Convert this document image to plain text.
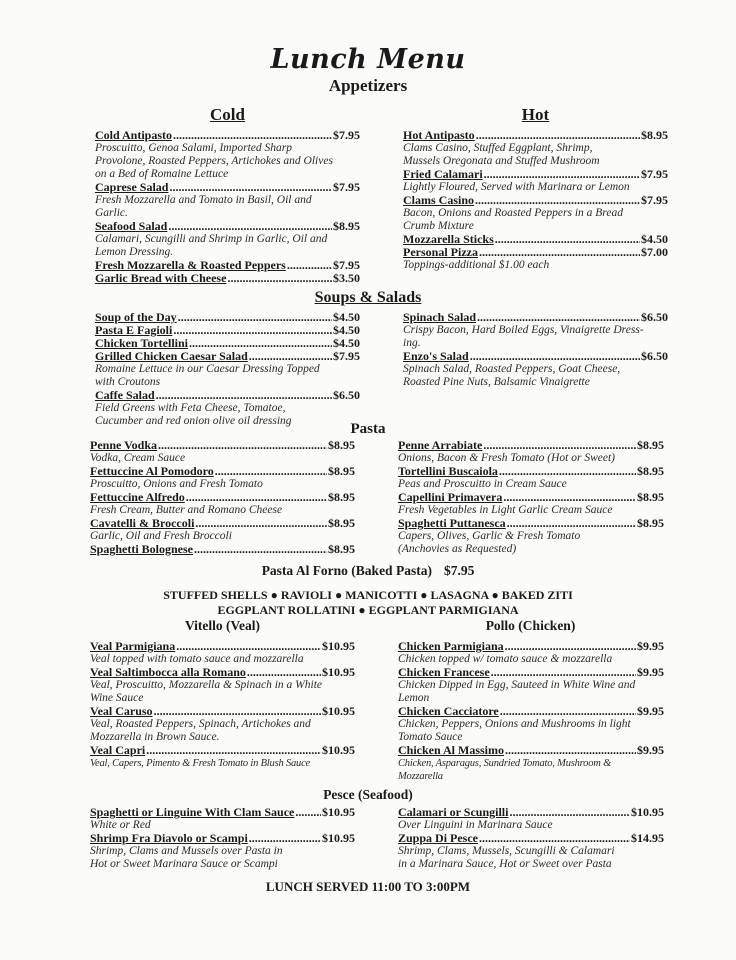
Lunch Menu
Appetizers
Cold	Hot
Cold Antipasto .....	$7.95
Proscuitto, Genoa Salami, Imported Sharp
Provolone, Roasted Peppers, Artichokes and Olives
on a Bed of Romaine Lettuce
Caprese Salad .....	$7.95
Fresh Mozzarella and Tomato in Basil, Oil and
Garlic.
Seafood Salad .....	$8.95
Calamari, Scungilli and Shrimp in Garlic, Oil and
Lemon Dressing.
Fresh Mozzarella & Roasted Peppers .....	$7.95
Garlic Bread with Cheese .....	$3.50
Hot Antipasto .....	$8.95
Clams Casino, Stuffed Eggplant, Shrimp,
Mussels Oregonata and Stuffed Mushroom
Fried Calamari .....	$7.95
Lightly Floured, Served with Marinara or Lemon
Clams Casino .....	$7.95
Bacon, Onions and Roasted Peppers in a Bread
Crumb Mixture
Mozzarella Sticks .....	$4.50
Personal Pizza .....	$7.00
Toppings-additional $1.00 each
Soups & Salads
Soup of the Day .....	$4.50
Pasta E Fagioli .....	$4.50
Chicken Tortellini .....	$4.50
Grilled Chicken Caesar Salad .....	$7.95
Romaine Lettuce in our Caesar Dressing Topped
with Croutons
Caffe Salad .....	$6.50
Field Greens with Feta Cheese, Tomatoe,
Cucumber and red onion olive oil dressing
Spinach Salad .....	$6.50
Crispy Bacon, Hard Boiled Eggs, Vinaigrette Dress-
ing.
Enzo's Salad .....	$6.50
Spinach Salad, Roasted Peppers, Goat Cheese,
Roasted Pine Nuts, Balsamic Vinaigrette
Pasta
Penne Vodka .....	$8.95
Vodka, Cream Sauce
Fettuccine Al Pomodoro .....	$8.95
Proscuitto, Onions and Fresh Tomato
Fettuccine Alfredo .....	$8.95
Fresh Cream, Butter and Romano Cheese
Cavatelli & Broccoli .....	$8.95
Garlic, Oil and Fresh Broccoli
Spaghetti Bolognese .....	$8.95
Penne Arrabiate .....	$8.95
Onions, Bacon & Fresh Tomato (Hot or Sweet)
Tortellini Buscaiola .....	$8.95
Peas and Proscuitto in Cream Sauce
Capellini Primavera .....	$8.95
Fresh Vegetables in Light Garlic Cream Sauce
Spaghetti Puttanesca .....	$8.95
Capers, Olives, Garlic & Fresh Tomato
(Anchovies as Requested)
Pasta Al Forno (Baked Pasta) $7.95
STUFFED SHELLS ● RAVIOLI ● MANICOTTI ● LASAGNA ● BAKED ZITI
EGGPLANT ROLLATINI ● EGGPLANT PARMIGIANA
Vitello (Veal)	Pollo (Chicken)
Veal Parmigiana .....	$10.95
Veal topped with tomato sauce and mozzarella
Veal Saltimbocca alla Romano .....	$10.95
Veal, Proscuitto, Mozzarella & Spinach in a White
Wine Sauce
Veal Caruso .....	$10.95
Veal, Roasted Peppers, Spinach, Artichokes and
Mozzarella in Brown Sauce.
Veal Capri .....	$10.95
Veal, Capers, Pimento & Fresh Tomato in Blush Sauce
Chicken Parmigiana .....	$9.95
Chicken topped w/ tomato sauce & mozzarella
Chicken Francese .....	$9.95
Chicken Dipped in Egg, Sauteed in White Wine and
Lemon
Chicken Cacciatore .....	$9.95
Chicken, Peppers, Onions and Mushrooms in light
Tomato Sauce
Chicken Al Massimo .....	$9.95
Chicken, Asparagus, Sundried Tomato, Mushroom &
Mozzarella
Pesce (Seafood)
Spaghetti or Linguine With Clam Sauce ..... $10.95
White or Red
Shrimp Fra Diavolo or Scampi .....	$10.95
Shrimp, Clams and Mussels over Pasta in
Hot or Sweet Marinara Sauce or Scampi
Calamari or Scungilli .....	$10.95
Over Linguini in Marinara Sauce
Zuppa Di Pesce .....	$14.95
Shrimp, Clams, Mussels, Scungilli & Calamari
in a Marinara Sauce, Hot or Sweet over Pasta
LUNCH SERVED 11:00 TO 3:00PM
